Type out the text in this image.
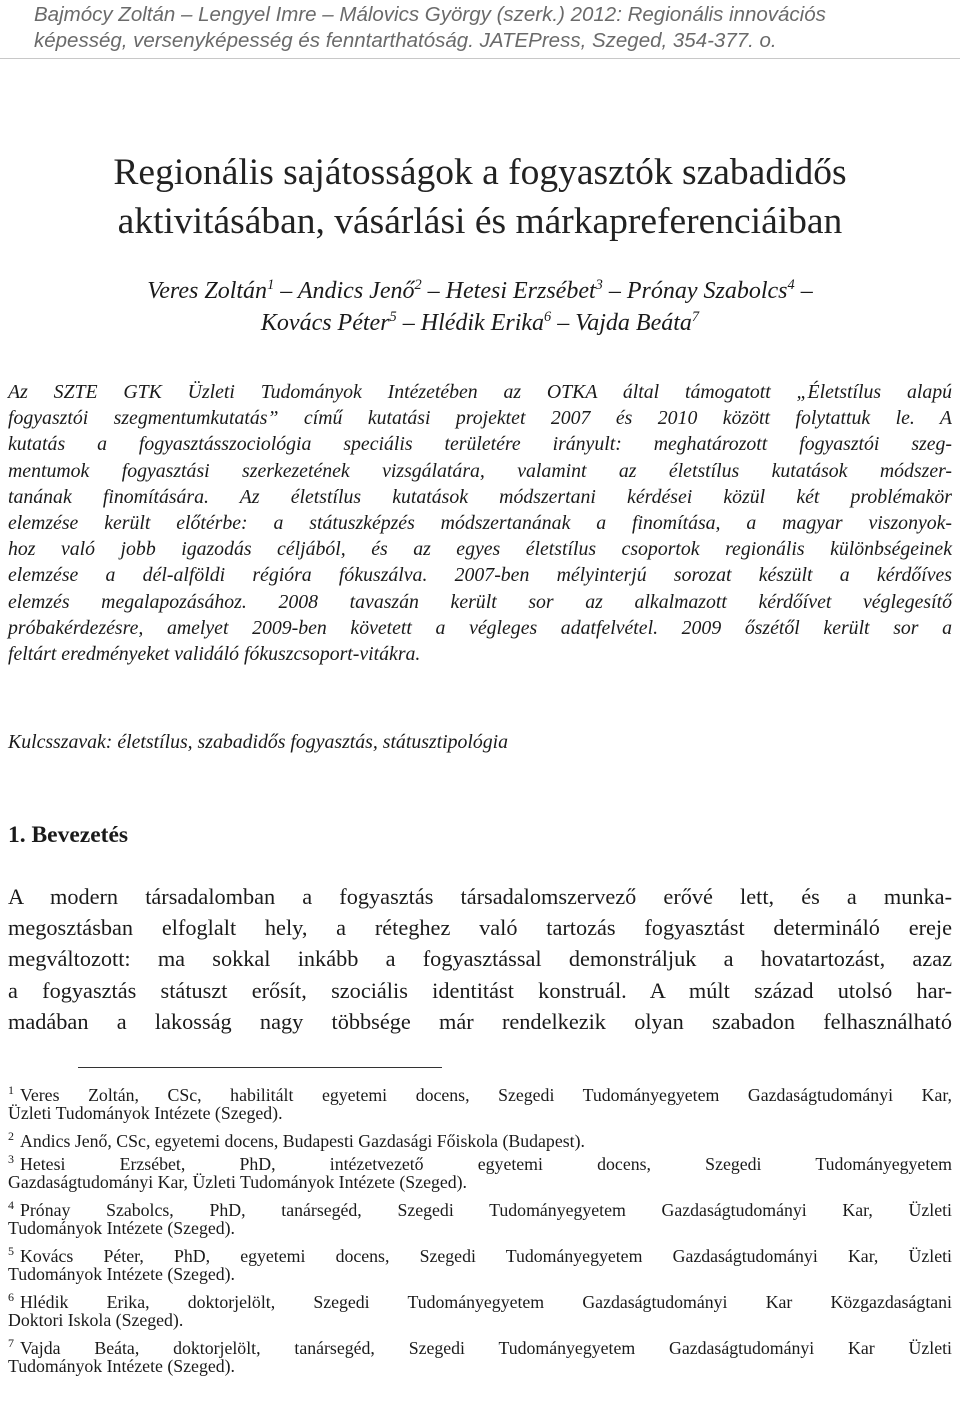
Bajmócy Zoltán – Lengyel Imre – Málovics György (szerk.) 2012: Regionális innovációs
képesség, versenyképesség és fenntarthatóság. JATEPress, Szeged, 354-377. o.
Regionális sajátosságok a fogyasztók szabadidős
aktivitásában, vásárlási és márkapreferenciáiban
Veres Zoltán$^1$ – Andics Jenő$^2$ – Hetesi Erzsébet$^3$ – Prónay Szabolcs$^4$ –
Kovács Péter$^5$ – Hlédik Erika$^6$ – Vajda Beáta$^7$
Az SZTE GTK Üzleti Tudományok Intézetében az OTKA által támogatott „Életstílus alapú
fogyasztói szegmentumkutatás” című kutatási projektet 2007 és 2010 között folytattuk le. A
kutatás a fogyasztásszociológia speciális területére irányult: meghatározott fogyasztói szeg-
mentumok fogyasztási szerkezetének vizsgálatára, valamint az életstílus kutatások módszer-
tanának finomítására. Az életstílus kutatások módszertani kérdései közül két problémakör
elemzése került előtérbe: a státuszképzés módszertanának a finomítása, a magyar viszonyok-
hoz való jobb igazodás céljából, és az egyes életstílus csoportok regionális különbségeinek
elemzése a dél-alföldi régióra fókuszálva. 2007-ben mélyinterjú sorozat készült a kérdőíves
elemzés megalapozásához. 2008 tavaszán került sor az alkalmazott kérdőívet véglegesítő
próbakérdezésre, amelyet 2009-ben követett a végleges adatfelvétel. 2009 őszétől került sor a
feltárt eredményeket validáló fókuszcsoport-vitákra.
Kulcsszavak: életstílus, szabadidős fogyasztás, státusztipológia
1. Bevezetés
A modern társadalomban a fogyasztás társadalomszervező erővé lett, és a munka-
megosztásban elfoglalt hely, a réteghez való tartozás fogyasztást determináló ereje
megváltozott: ma sokkal inkább a fogyasztással demonstráljuk a hovatartozást, azaz
a fogyasztás státuszt erősít, szociális identitást konstruál. A múlt század utolsó har-
madában a lakosság nagy többsége már rendelkezik olyan szabadon felhasználható
$^1$ Veres Zoltán, CSc, habilitált egyetemi docens, Szegedi Tudományegyetem Gazdaságtudományi Kar,
Üzleti Tudományok Intézete (Szeged).
$^2$ Andics Jenő, CSc, egyetemi docens, Budapesti Gazdasági Főiskola (Budapest).
$^3$ Hetesi Erzsébet, PhD, intézetvezető egyetemi docens, Szegedi Tudományegyetem
Gazdaságtudományi Kar, Üzleti Tudományok Intézete (Szeged).
$^4$ Prónay Szabolcs, PhD, tanársegéd, Szegedi Tudományegyetem Gazdaságtudományi Kar, Üzleti
Tudományok Intézete (Szeged).
$^5$ Kovács Péter, PhD, egyetemi docens, Szegedi Tudományegyetem Gazdaságtudományi Kar, Üzleti
Tudományok Intézete (Szeged).
$^6$ Hlédik Erika, doktorjelölt, Szegedi Tudományegyetem Gazdaságtudományi Kar Közgazdaságtani
Doktori Iskola (Szeged).
$^7$ Vajda Beáta, doktorjelölt, tanársegéd, Szegedi Tudományegyetem Gazdaságtudományi Kar Üzleti
Tudományok Intézete (Szeged).
